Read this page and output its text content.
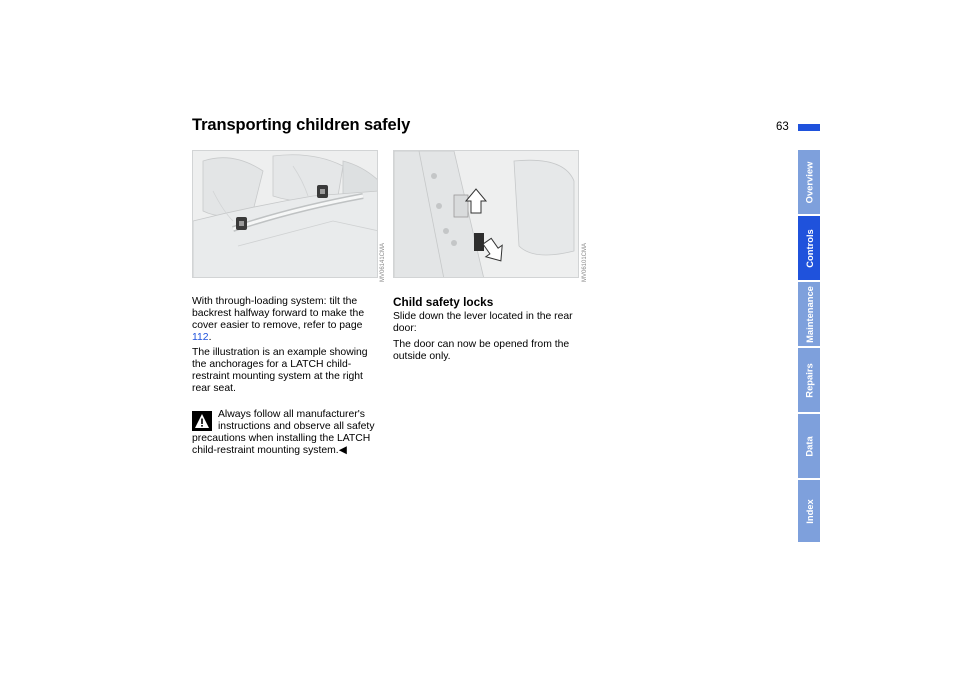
Transporting children safely	63
MV06141CMA	MV06101CMA
With through-loading system: tilt the backrest halfway forward to make the cover easier to remove, refer to page 112.
The illustration is an example showing the anchorages for a LATCH child-restraint mounting system at the right rear seat.
Always follow all manufacturer's instructions and observe all safety precautions when installing the LATCH child-restraint mounting system.◀
Child safety locks
Slide down the lever located in the rear door:
The door can now be opened from the outside only.
Overview
Controls
Maintenance
Repairs
Data
Index
